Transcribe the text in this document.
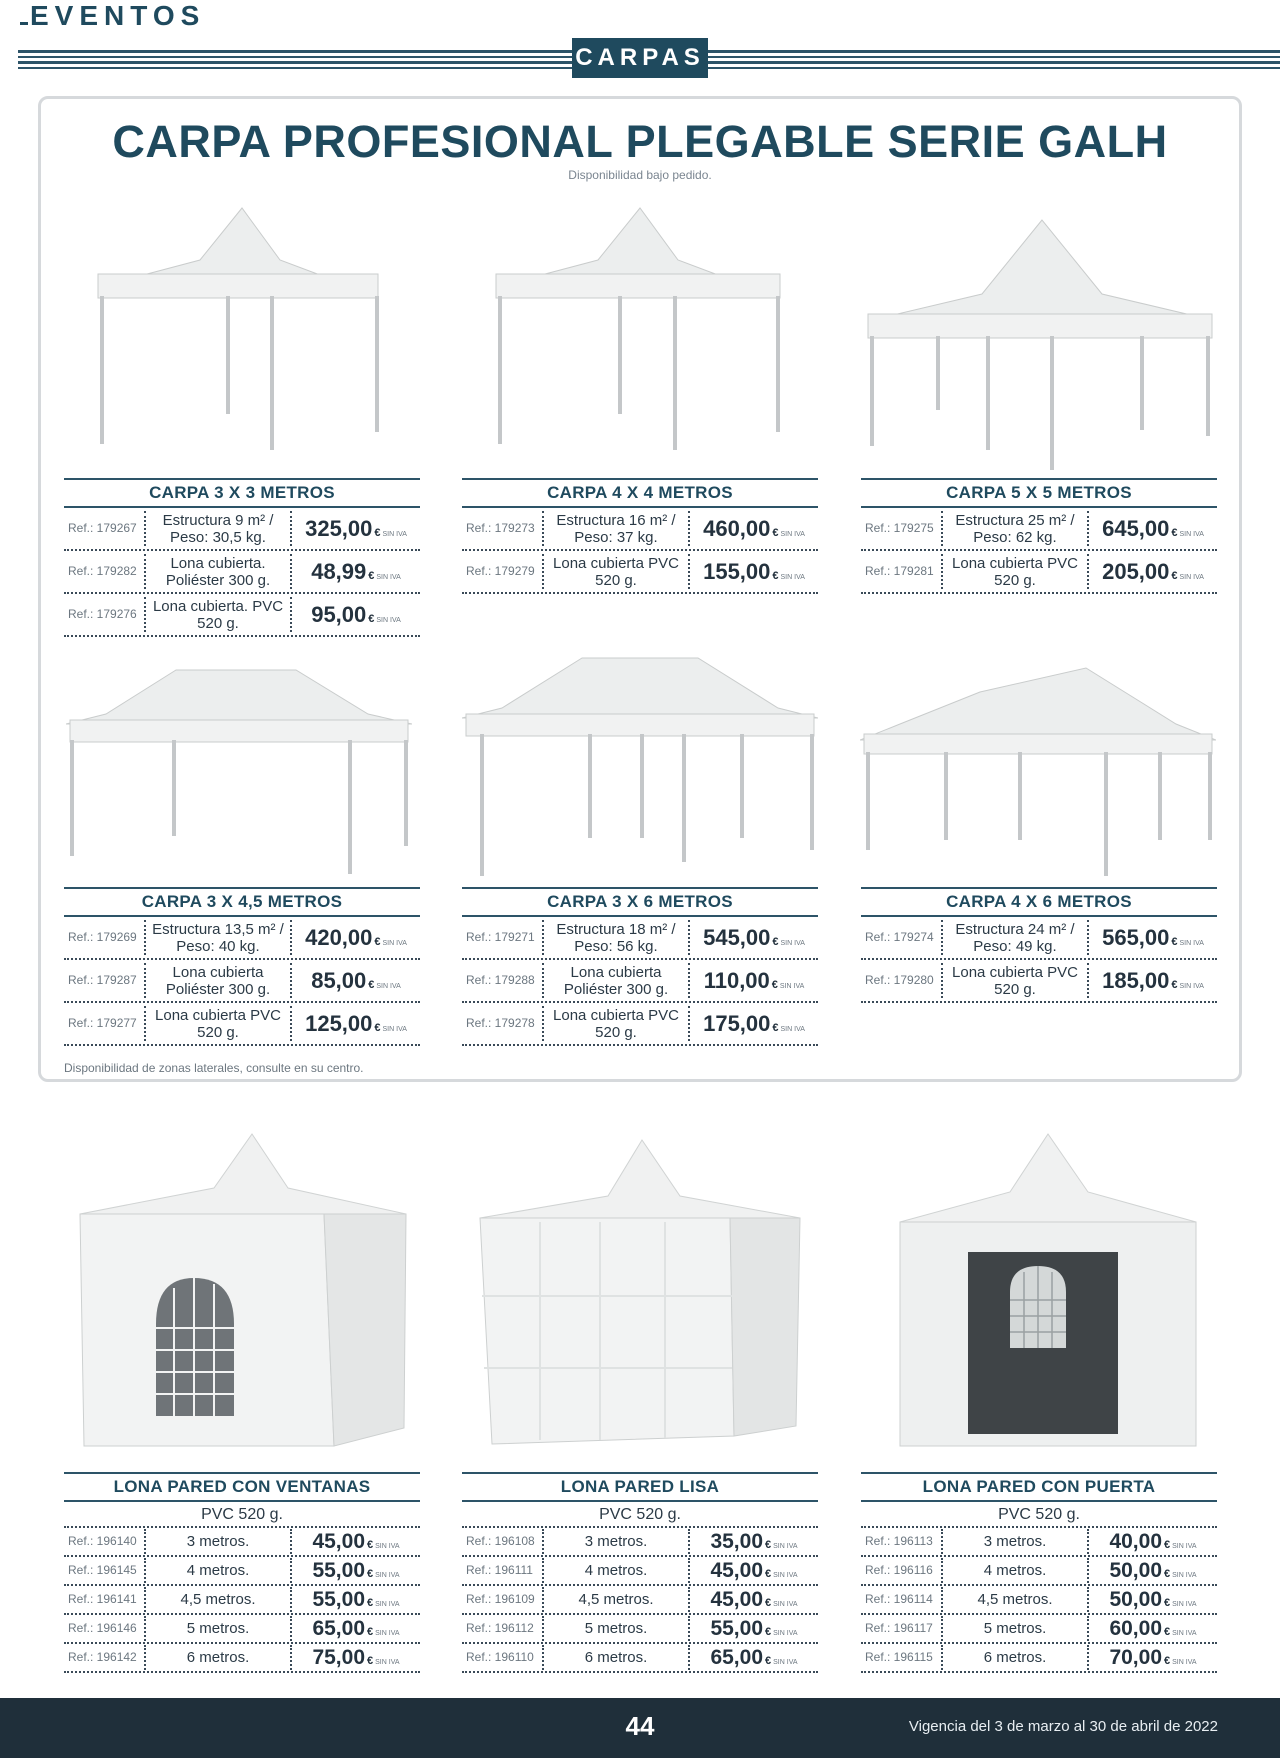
EVENTOS
CARPAS
CARPA PROFESIONAL PLEGABLE SERIE GALH
Disponibilidad bajo pedido.
CARPA 3 X 3 METROS
Ref.: 179267	Estructura 9 m² / Peso: 30,5 kg.	325,00 € SIN IVA
Ref.: 179282	Lona cubierta. Poliéster 300 g.	48,99 € SIN IVA
Ref.: 179276	Lona cubierta. PVC 520 g.	95,00 € SIN IVA
CARPA 4 X 4 METROS
Ref.: 179273	Estructura 16 m² / Peso: 37 kg.	460,00 € SIN IVA
Ref.: 179279	Lona cubierta PVC 520 g.	155,00 € SIN IVA
CARPA 5 X 5 METROS
Ref.: 179275	Estructura 25 m² / Peso: 62 kg.	645,00 € SIN IVA
Ref.: 179281	Lona cubierta PVC 520 g.	205,00 € SIN IVA
CARPA 3 X 4,5 METROS
Ref.: 179269	Estructura 13,5 m² / Peso: 40 kg.	420,00 € SIN IVA
Ref.: 179287	Lona cubierta Poliéster 300 g.	85,00 € SIN IVA
Ref.: 179277	Lona cubierta PVC 520 g.	125,00 € SIN IVA
CARPA 3 X 6 METROS
Ref.: 179271	Estructura 18 m² / Peso: 56 kg.	545,00 € SIN IVA
Ref.: 179288	Lona cubierta Poliéster 300 g.	110,00 € SIN IVA
Ref.: 179278	Lona cubierta PVC 520 g.	175,00 € SIN IVA
CARPA 4 X 6 METROS
Ref.: 179274	Estructura 24 m² / Peso: 49 kg.	565,00 € SIN IVA
Ref.: 179280	Lona cubierta PVC 520 g.	185,00 € SIN IVA
Disponibilidad de zonas laterales, consulte en su centro.
LONA PARED CON VENTANAS
PVC 520 g.
Ref.: 196140	3 metros.	45,00 € SIN IVA
Ref.: 196145	4 metros.	55,00 € SIN IVA
Ref.: 196141	4,5 metros.	55,00 € SIN IVA
Ref.: 196146	5 metros.	65,00 € SIN IVA
Ref.: 196142	6 metros.	75,00 € SIN IVA
LONA PARED LISA
PVC 520 g.
Ref.: 196108	3 metros.	35,00 € SIN IVA
Ref.: 196111	4 metros.	45,00 € SIN IVA
Ref.: 196109	4,5 metros.	45,00 € SIN IVA
Ref.: 196112	5 metros.	55,00 € SIN IVA
Ref.: 196110	6 metros.	65,00 € SIN IVA
LONA PARED CON PUERTA
PVC 520 g.
Ref.: 196113	3 metros.	40,00 € SIN IVA
Ref.: 196116	4 metros.	50,00 € SIN IVA
Ref.: 196114	4,5 metros.	50,00 € SIN IVA
Ref.: 196117	5 metros.	60,00 € SIN IVA
Ref.: 196115	6 metros.	70,00 € SIN IVA
44	Vigencia del 3 de marzo al 30 de abril de 2022
